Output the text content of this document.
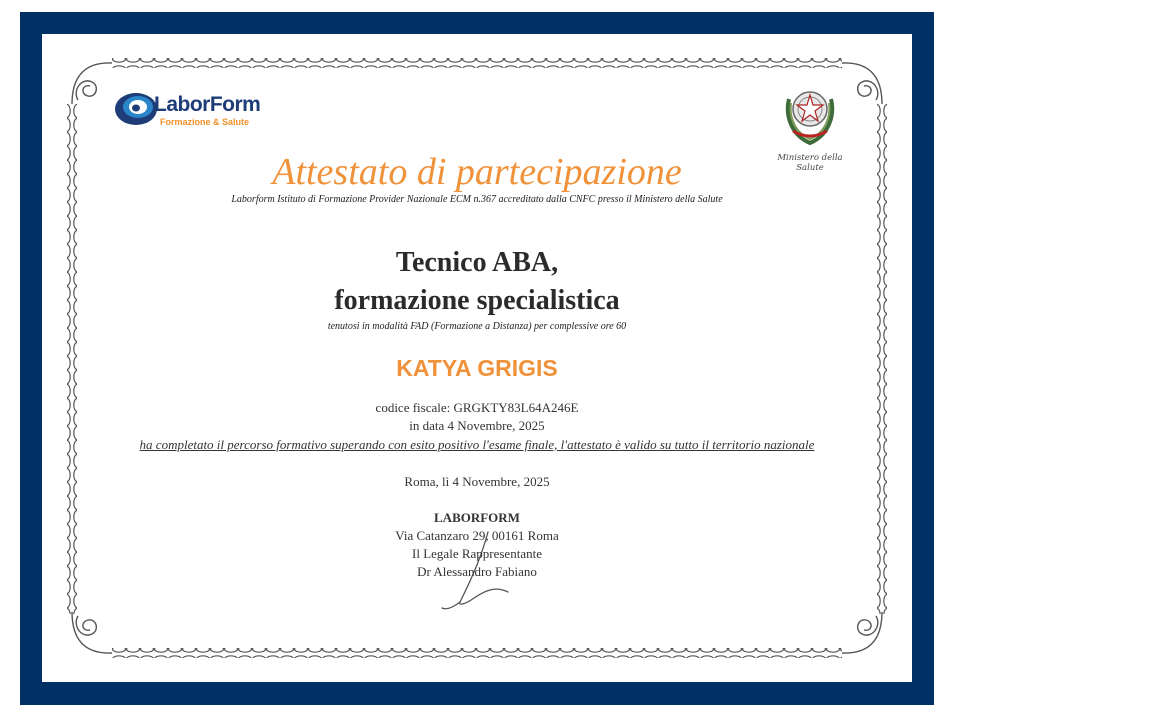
LaborForm
Formazione & Salute
Ministero della Salute
Attestato di partecipazione
Laborform Istituto di Formazione Provider Nazionale ECM n.367 accreditato dalla CNFC presso il Ministero della Salute
Tecnico ABA,
formazione specialistica
tenutosi in modalità FAD (Formazione a Distanza) per complessive ore 60
KATYA GRIGIS
codice fiscale: GRGKTY83L64A246E
in data 4 Novembre, 2025
ha completato il percorso formativo superando con esito positivo l'esame finale, l'attestato è valido su tutto il territorio nazionale
Roma, lì 4 Novembre, 2025
LABORFORM
Via Catanzaro 29, 00161 Roma
Il Legale Rappresentante
Dr Alessandro Fabiano
